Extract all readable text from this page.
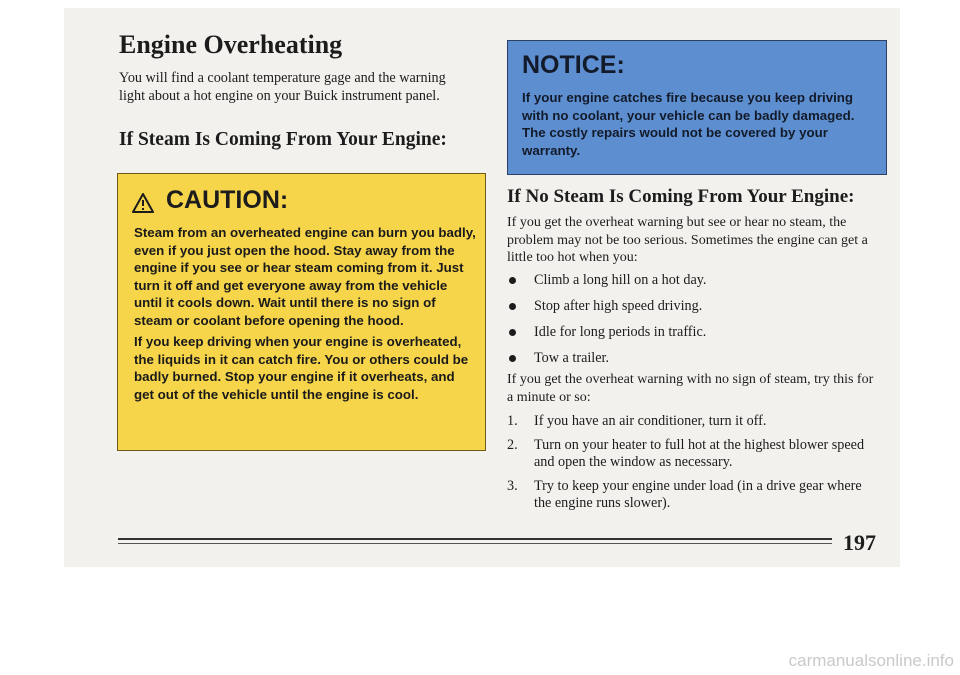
Engine Overheating

You will find a coolant temperature gage and the warning light about a hot engine on your Buick instrument panel.

If Steam Is Coming From Your Engine:
CAUTION:

Steam from an overheated engine can burn you badly, even if you just open the hood. Stay away from the engine if you see or hear steam coming from it. Just turn it off and get everyone away from the vehicle until it cools down. Wait until there is no sign of steam or coolant before opening the hood.

If you keep driving when your engine is overheated, the liquids in it can catch fire. You or others could be badly burned. Stop your engine if it overheats, and get out of the vehicle until the engine is cool.

NOTICE:

If your engine catches fire because you keep driving with no coolant, your vehicle can be badly damaged. The costly repairs would not be covered by your warranty.

If No Steam Is Coming From Your Engine:

If you get the overheat warning but see or hear no steam, the problem may not be too serious. Sometimes the engine can get a little too hot when you:

Climb a long hill on a hot day.
Stop after high speed driving.
Idle for long periods in traffic.
Tow a trailer.

If you get the overheat warning with no sign of steam, try this for a minute or so:

1. If you have an air conditioner, turn it off.
2. Turn on your heater to full hot at the highest blower speed and open the window as necessary.
3. Try to keep your engine under load (in a drive gear where the engine runs slower).
197
carmanualsonline.info
